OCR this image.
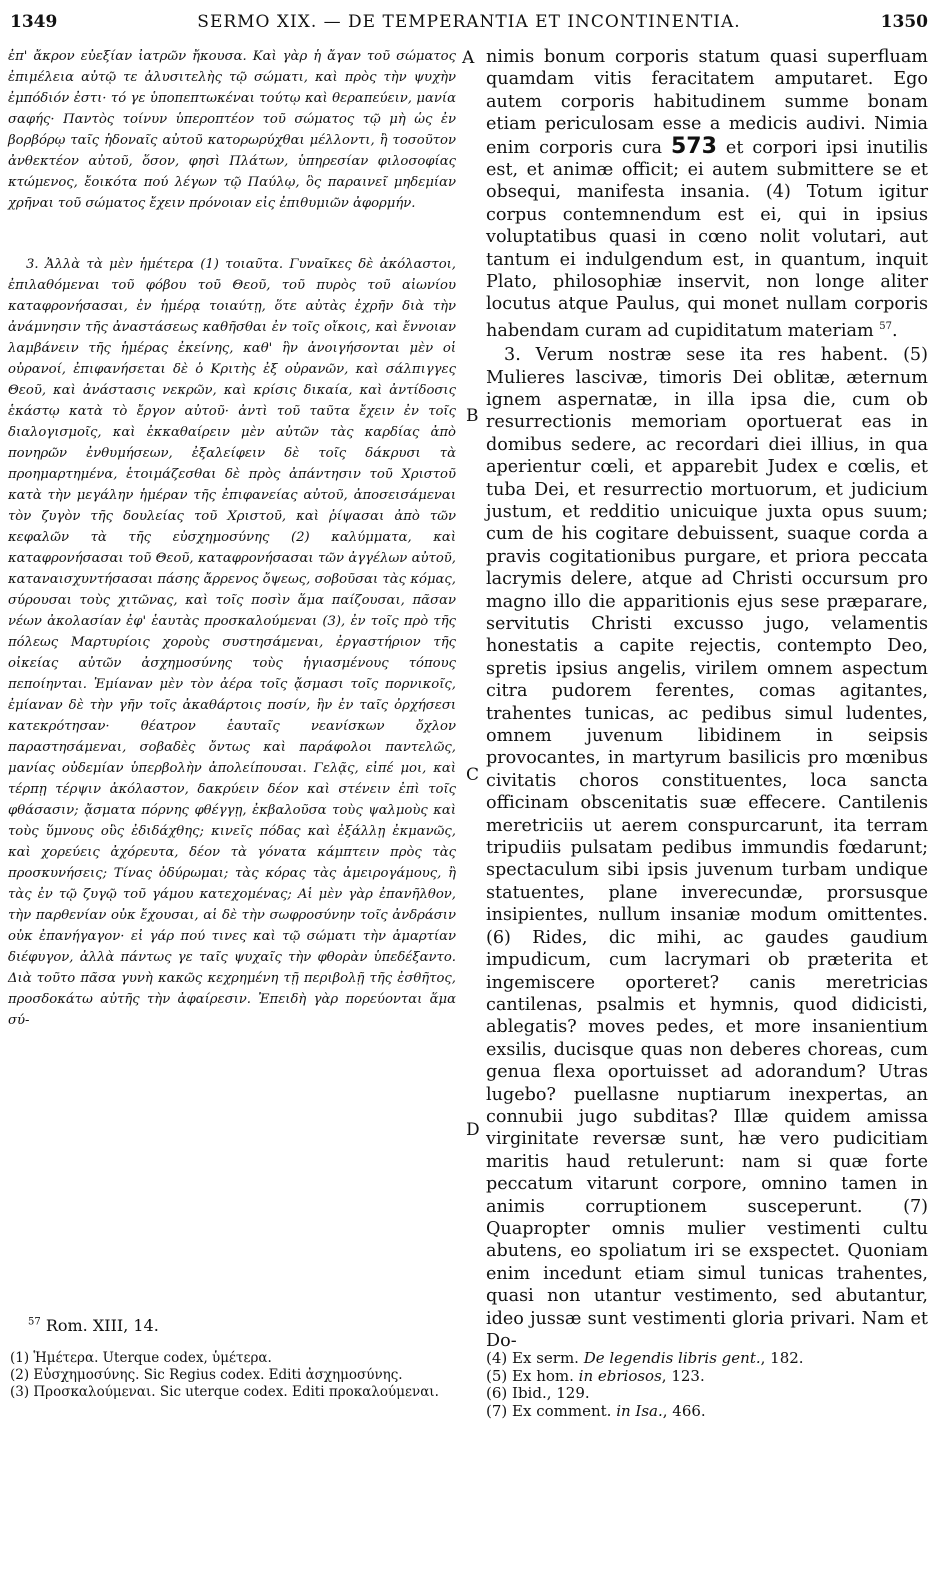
1349	SERMO XIX. — DE TEMPERANTIA ET INCONTINENTIA.	1350

ἐπ' ἄκρον εὐεξίαν ἰατρῶν ἤκουσα. Καὶ γὰρ ἡ ἄγαν τοῦ σώματος ἐπιμέλεια αὐτῷ τε ἀλυσιτελὴς τῷ σώματι, καὶ πρὸς τὴν ψυχὴν ἐμπόδιόν ἐστι· τό γε ὑποπεπτωκέναι τούτῳ καὶ θεραπεύειν, μανία σαφής· Παντὸς τοίνυν ὑπεροπτέον τοῦ σώματος τῷ μὴ ὡς ἐν βορβόρῳ ταῖς ἡδοναῖς αὐτοῦ κατορωρύχθαι μέλλοντι, ἢ τοσοῦτον ἀνθεκτέον αὐτοῦ, ὅσον, φησὶ Πλάτων, ὑπηρεσίαν φιλοσοφίας κτώμενος, ἔοικότα πού λέγων τῷ Παύλῳ, ὃς παραινεῖ μηδεμίαν χρῆναι τοῦ σώματος ἔχειν πρόνοιαν εἰς ἐπιθυμιῶν ἀφορμήν.

3. Ἀλλὰ τὰ μὲν ἡμέτερα (1) τοιαῦτα. Γυναῖκες δὲ ἀκόλαστοι, ἐπιλαθόμεναι τοῦ φόβου τοῦ Θεοῦ, τοῦ πυρὸς τοῦ αἰωνίου καταφρονήσασαι, ἐν ἡμέρᾳ τοιαύτῃ, ὅτε αὐτὰς ἐχρῆν διὰ τὴν ἀνάμνησιν τῆς ἀναστάσεως καθῆσθαι ἐν τοῖς οἴκοις, καὶ ἔννοιαν λαμβάνειν τῆς ἡμέρας ἐκείνης, καθ' ἣν ἀνοιγήσονται μὲν οἱ οὐρανοί, ἐπιφανήσεται δὲ ὁ Κριτὴς ἐξ οὐρανῶν, καὶ σάλπιγγες Θεοῦ, καὶ ἀνάστασις νεκρῶν, καὶ κρίσις δικαία, καὶ ἀντίδοσις ἑκάστῳ κατὰ τὸ ἔργον αὐτοῦ· ἀντὶ τοῦ ταῦτα ἔχειν ἐν τοῖς διαλογισμοῖς, καὶ ἐκκαθαίρειν μὲν αὐτῶν τὰς καρδίας ἀπὸ πονηρῶν ἐνθυμήσεων, ἐξαλείφειν δὲ τοῖς δάκρυσι τὰ προημαρτημένα, ἑτοιμάζεσθαι δὲ πρὸς ἀπάντησιν τοῦ Χριστοῦ κατὰ τὴν μεγάλην ἡμέραν τῆς ἐπιφανείας αὐτοῦ, ἀποσεισάμεναι τὸν ζυγὸν τῆς δουλείας τοῦ Χριστοῦ, καὶ ῥίψασαι ἀπὸ τῶν κεφαλῶν τὰ τῆς εὐσχημοσύνης (2) καλύμματα, καὶ καταφρονήσασαι τοῦ Θεοῦ, καταφρονήσασαι τῶν ἀγγέλων αὐτοῦ, καταναισχυντήσασαι πάσης ἄρρενος ὄψεως, σοβοῦσαι τὰς κόμας, σύρουσαι τοὺς χιτῶνας, καὶ τοῖς ποσὶν ἅμα παίζουσαι, πᾶσαν νέων ἀκολασίαν ἐφ' ἑαυτὰς προσκαλούμεναι (3), ἐν τοῖς πρὸ τῆς πόλεως Μαρτυρίοις χοροὺς συστησάμεναι, ἐργαστήριον τῆς οἰκείας αὐτῶν ἀσχημοσύνης τοὺς ἡγιασμένους τόπους πεποίηνται. Ἐμίαναν μὲν τὸν ἀέρα τοῖς ᾄσμασι τοῖς πορνικοῖς, ἐμίαναν δὲ τὴν γῆν τοῖς ἀκαθάρτοις ποσίν, ἣν ἐν ταῖς ὀρχήσεσι κατεκρότησαν· θέατρον ἑαυταῖς νεανίσκων ὄχλον παραστησάμεναι, σοβαδὲς ὄντως καὶ παράφολοι παντελῶς, μανίας οὐδεμίαν ὑπερβολὴν ἀπολείπουσαι. Γελᾷς, εἰπέ μοι, καὶ τέρπῃ τέρψιν ἀκόλαστον, δακρύειν δέον καὶ στένειν ἐπὶ τοῖς φθάσασιν; ᾄσματα πόρνης φθέγγῃ, ἐκβαλοῦσα τοὺς ψαλμοὺς καὶ τοὺς ὕμνους οὓς ἐδιδάχθης; κινεῖς πόδας καὶ ἐξάλλῃ ἐκμανῶς, καὶ χορεύεις ἀχόρευτα, δέον τὰ γόνατα κάμπτειν πρὸς τὰς προσκυνήσεις; Τίνας ὀδύρωμαι; τὰς κόρας τὰς ἀμειρογάμους, ἢ τὰς ἐν τῷ ζυγῷ τοῦ γάμου κατεχομένας; Αἱ μὲν γὰρ ἐπανῆλθον, τὴν παρθενίαν οὐκ ἔχουσαι, αἱ δὲ τὴν σωφροσύνην τοῖς ἀνδράσιν οὐκ ἐπανήγαγον· εἰ γάρ πού τινες καὶ τῷ σώματι τὴν ἁμαρτίαν διέφυγον, ἀλλὰ πάντως γε ταῖς ψυχαῖς τὴν φθορὰν ὑπεδέξαντο. Διὰ τοῦτο πᾶσα γυνὴ κακῶς κεχρημένη τῇ περιβολῇ τῆς ἐσθῆτος, προσδοκάτω αὐτῆς τὴν ἀφαίρεσιν. Ἐπειδὴ γὰρ πορεύονται ἅμα σύ-

A
B
C
D

nimis bonum corporis statum quasi superfluam quamdam vitis feracitatem amputaret. Ego autem corporis habitudinem summe bonam etiam periculosam esse a medicis audivi. Nimia enim corporis cura 573 et corpori ipsi inutilis est, et animæ officit; ei autem submittere se et obsequi, manifesta insania. (4) Totum igitur corpus contemnendum est ei, qui in ipsius voluptatibus quasi in cœno nolit volutari, aut tantum ei indulgendum est, in quantum, inquit Plato, philosophiæ inservit, non longe aliter locutus atque Paulus, qui monet nullam corporis habendam curam ad cupiditatum materiam $^{57}$.

3. Verum nostræ sese ita res habent. (5) Mulieres lascivæ, timoris Dei oblitæ, æternum ignem aspernatæ, in illa ipsa die, cum ob resurrectionis memoriam oportuerat eas in domibus sedere, ac recordari diei illius, in qua aperientur cœli, et apparebit Judex e cœlis, et tuba Dei, et resurrectio mortuorum, et judicium justum, et redditio unicuique juxta opus suum; cum de his cogitare debuissent, suaque corda a pravis cogitationibus purgare, et priora peccata lacrymis delere, atque ad Christi occursum pro magno illo die apparitionis ejus sese præparare, servitutis Christi excusso jugo, velamentis honestatis a capite rejectis, contempto Deo, spretis ipsius angelis, virilem omnem aspectum citra pudorem ferentes, comas agitantes, trahentes tunicas, ac pedibus simul ludentes, omnem juvenum libidinem in seipsis provocantes, in martyrum basilicis pro mœnibus civitatis choros constituentes, loca sancta officinam obscenitatis suæ effecere. Cantilenis meretriciis ut aerem conspurcarunt, ita terram tripudiis pulsatam pedibus immundis fœdarunt; spectaculum sibi ipsis juvenum turbam undique statuentes, plane inverecundæ, prorsusque insipientes, nullum insaniæ modum omittentes. (6) Rides, dic mihi, ac gaudes gaudium impudicum, cum lacrymari ob præterita et ingemiscere oporteret? canis meretricias cantilenas, psalmis et hymnis, quod didicisti, ablegatis? moves pedes, et more insanientium exsilis, ducisque quas non deberes choreas, cum genua flexa oportuisset ad adorandum? Utras lugebo? puellasne nuptiarum inexpertas, an connubii jugo subditas? Illæ quidem amissa virginitate reversæ sunt, hæ vero pudicitiam maritis haud retulerunt: nam si quæ forte peccatum vitarunt corpore, omnino tamen in animis corruptionem susceperunt. (7) Quapropter omnis mulier vestimenti cultu abutens, eo spoliatum iri se exspectet. Quoniam enim incedunt etiam simul tunicas trahentes, quasi non utantur vestimento, sed abutantur, ideo jussæ sunt vestimenti gloria privari. Nam et Do-

$^{57}$ Rom. XIII, 14.
(1) Ἡμέτερα. Uterque codex, ὑμέτερα.
(2) Εὐσχημοσύνης. Sic Regius codex. Editi ἀσχημοσύνης.
(3) Προσκαλούμεναι. Sic uterque codex. Editi προκαλούμεναι.
(4) Ex serm. De legendis libris gent., 182.
(5) Ex hom. in ebriosos, 123.
(6) Ibid., 129.
(7) Ex comment. in Isa., 466.
